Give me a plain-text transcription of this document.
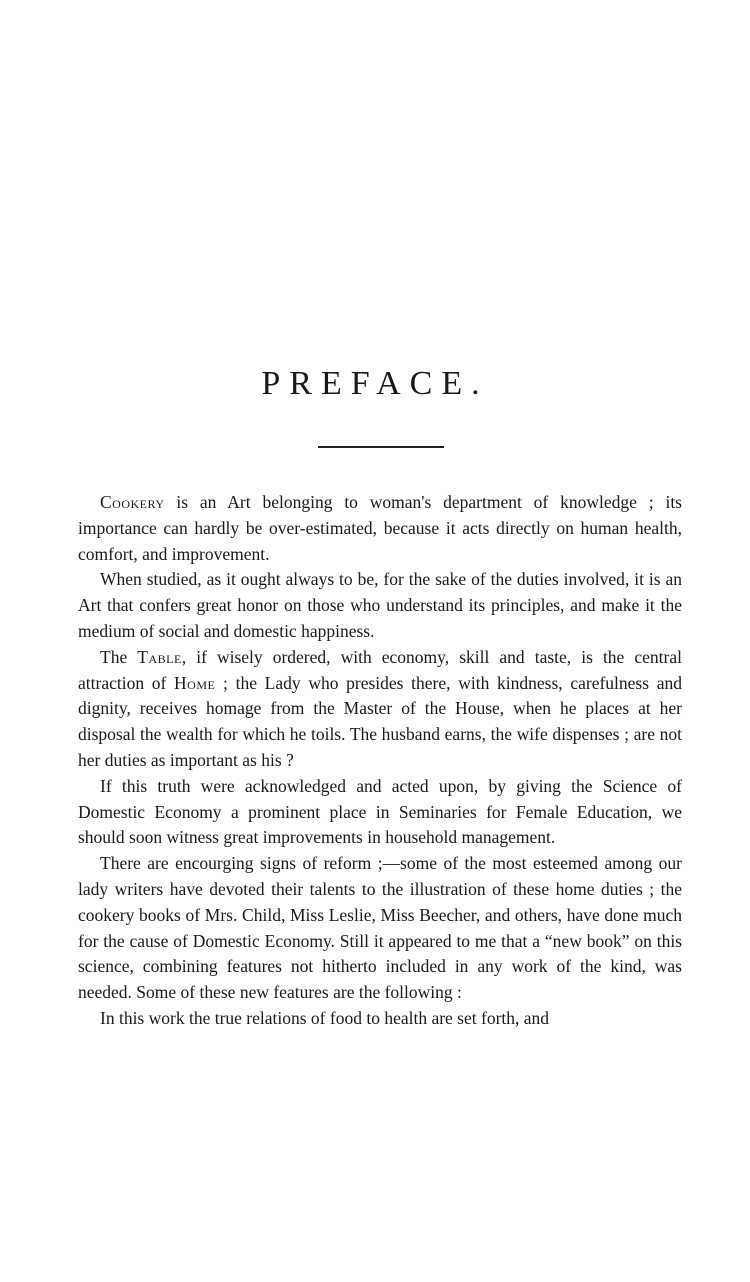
PREFACE.

Cookery is an Art belonging to woman's department of knowledge ; its importance can hardly be over-estimated, because it acts directly on human health, comfort, and improvement.

When studied, as it ought always to be, for the sake of the duties involved, it is an Art that confers great honor on those who understand its principles, and make it the medium of social and domestic happiness.

The Table, if wisely ordered, with economy, skill and taste, is the central attraction of Home ; the Lady who presides there, with kindness, carefulness and dignity, receives homage from the Master of the House, when he places at her disposal the wealth for which he toils. The husband earns, the wife dispenses ; are not her duties as important as his ?

If this truth were acknowledged and acted upon, by giving the Science of Domestic Economy a prominent place in Seminaries for Female Education, we should soon witness great improvements in household management.

There are encourging signs of reform ;—some of the most esteemed among our lady writers have devoted their talents to the illustration of these home duties ; the cookery books of Mrs. Child, Miss Leslie, Miss Beecher, and others, have done much for the cause of Domestic Economy. Still it appeared to me that a “new book” on this science, combining features not hitherto included in any work of the kind, was needed. Some of these new features are the following :

In this work the true relations of food to health are set forth, and
